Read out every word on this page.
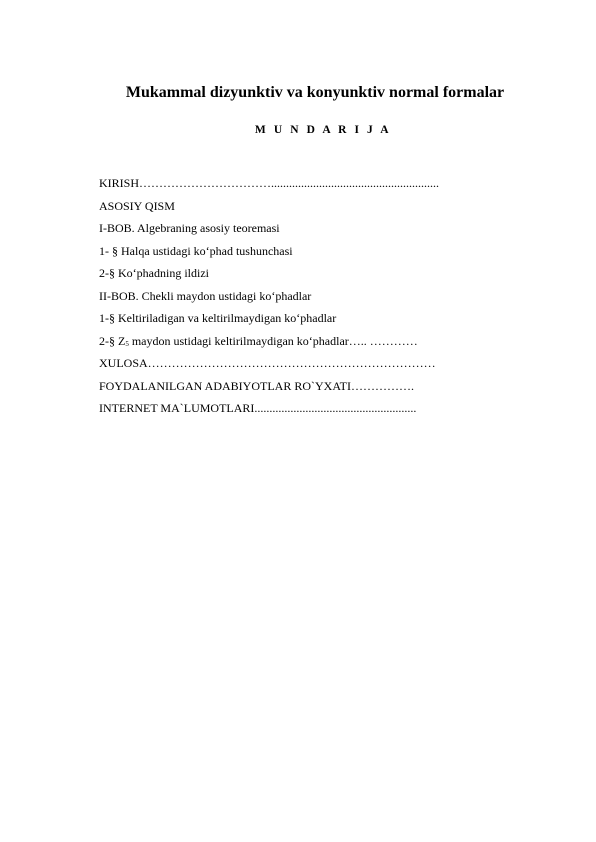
Mukammal dizyunktiv va konyunktiv normal formalar
M U N D A R I J A
KIRISH……………………………........................................................
ASOSIY QISM
I-BOB. Algebraning asosiy teoremasi
1- § Halqa ustidagi ko‘phad tushunchasi
2-§ Ko‘phadning ildizi
II-BOB. Chekli maydon ustidagi ko‘phadlar
1-§ Keltiriladigan va keltirilmaydigan ko‘phadlar
2-§ $Z_5$ maydon ustidagi keltirilmaydigan ko‘phadlar….. …………
XULOSA………………………………………………………………
FOYDALANILGAN ADABIYOTLAR RO`YXATI…………….
INTERNET MA`LUMOTLARI......................................................
